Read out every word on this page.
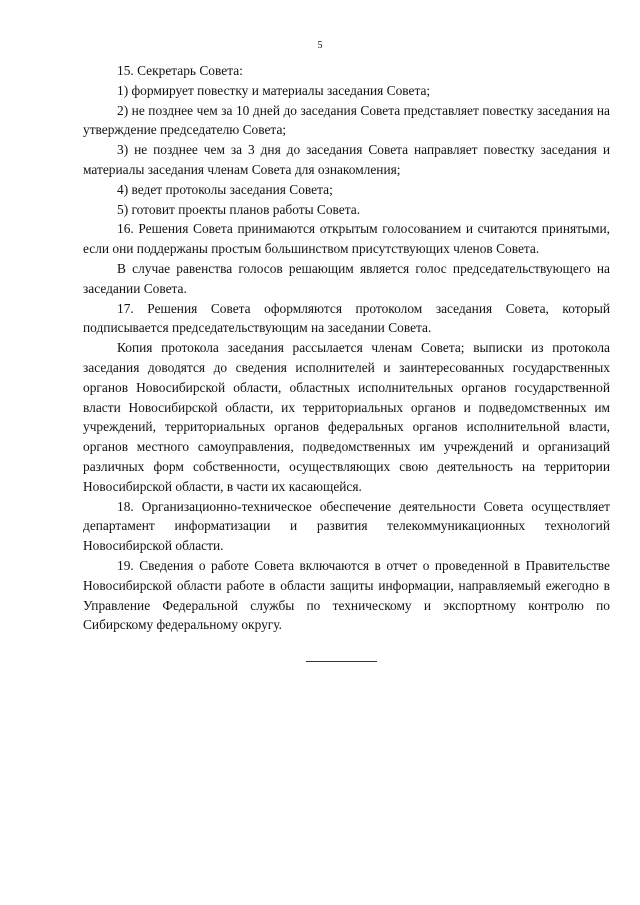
5

15. Секретарь Совета:

1) формирует повестку и материалы заседания Совета;

2) не позднее чем за 10 дней до заседания Совета представляет повестку заседания на утверждение председателю Совета;

3) не позднее чем за 3 дня до заседания Совета направляет повестку заседания и материалы заседания членам Совета для ознакомления;

4) ведет протоколы заседания Совета;

5) готовит проекты планов работы Совета.

16. Решения Совета принимаются открытым голосованием и считаются принятыми, если они поддержаны простым большинством присутствующих членов Совета.

В случае равенства голосов решающим является голос председательствующего на заседании Совета.

17. Решения Совета оформляются протоколом заседания Совета, который подписывается председательствующим на заседании Совета.

Копия протокола заседания рассылается членам Совета; выписки из протокола заседания доводятся до сведения исполнителей и заинтересованных государственных органов Новосибирской области, областных исполнительных органов государственной власти Новосибирской области, их территориальных органов и подведомственных им учреждений, территориальных органов федеральных органов исполнительной власти, органов местного самоуправления, подведомственных им учреждений и организаций различных форм собственности, осуществляющих свою деятельность на территории Новосибирской области, в части их касающейся.

18. Организационно-техническое обеспечение деятельности Совета осуществляет департамент информатизации и развития телекоммуникационных технологий Новосибирской области.

19. Сведения о работе Совета включаются в отчет о проведенной в Правительстве Новосибирской области работе в области защиты информации, направляемый ежегодно в Управление Федеральной службы по техническому и экспортному контролю по Сибирскому федеральному округу.
